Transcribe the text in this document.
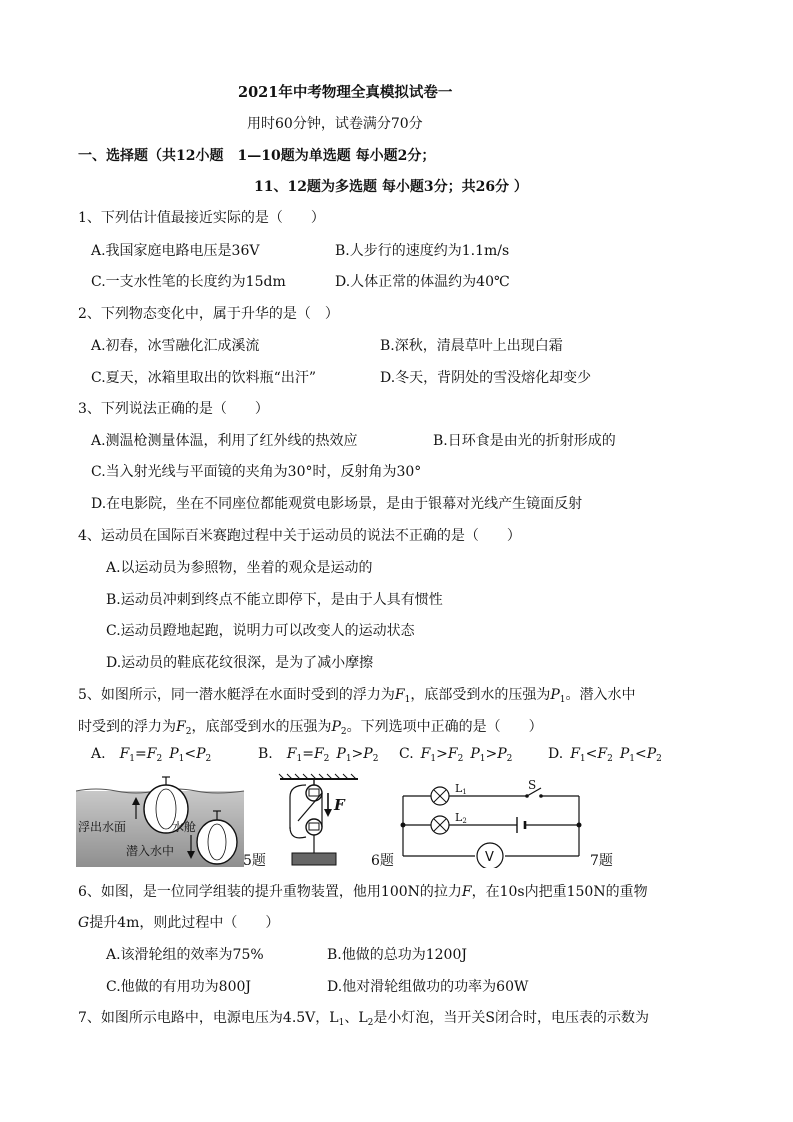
2021年中考物理全真模拟试卷一
用时60分钟，试卷满分70分
一、选择题（共12小题　1—10题为单选题 每小题2分；
11、12题为多选题 每小题3分；共26分 ）
1、下列估计值最接近实际的是（　　）
A.我国家庭电路电压是36V	B.人步行的速度约为1.1m/s
C.一支水性笔的长度约为15dm	D.人体正常的体温约为40℃
2、下列物态变化中，属于升华的是（　）
A.初春，冰雪融化汇成溪流	B.深秋，清晨草叶上出现白霜
C.夏天，冰箱里取出的饮料瓶“出汗”	D.冬天，背阴处的雪没熔化却变少
3、下列说法正确的是（　　）
A.测温枪测量体温，利用了红外线的热效应	B.日环食是由光的折射形成的
C.当入射光线与平面镜的夹角为30°时，反射角为30°
D.在电影院，坐在不同座位都能观赏电影场景，是由于银幕对光线产生镜面反射
4、运动员在国际百米赛跑过程中关于运动员的说法不正确的是（　　）
A.以运动员为参照物，坐着的观众是运动的
B.运动员冲刺到终点不能立即停下，是由于人具有惯性
C.运动员蹬地起跑，说明力可以改变人的运动状态
D.运动员的鞋底花纹很深，是为了减小摩擦
5、如图所示，同一潜水艇浮在水面时受到的浮力为$F_1$，底部受到水的压强为$P_1$。潜入水中
时受到的浮力为$F_2$，底部受到水的压强为$P_2$。下列选项中正确的是（　　）
A.  $F_1=F_2$  $P_1<P_2$	B.  $F_1=F_2$  $P_1>P_2$ C.  $F_1>F_2$  $P_1>P_2$	D.  $F_1<F_2$  $P_1<P_2$
浮出水面	水舱
潜入水中
5题
F
6题	V
L1
L2
S
7题
6、如图，是一位同学组装的提升重物装置，他用100N的拉力F，在10s内把重150N的重物
G提升4m，则此过程中（　　）
A.该滑轮组的效率为75%	B.他做的总功为1200J
C.他做的有用功为800J	D.他对滑轮组做功的功率为60W
7、如图所示电路中，电源电压为4.5V，$L_1$、$L_2$是小灯泡，当开关S闭合时，电压表的示数为
